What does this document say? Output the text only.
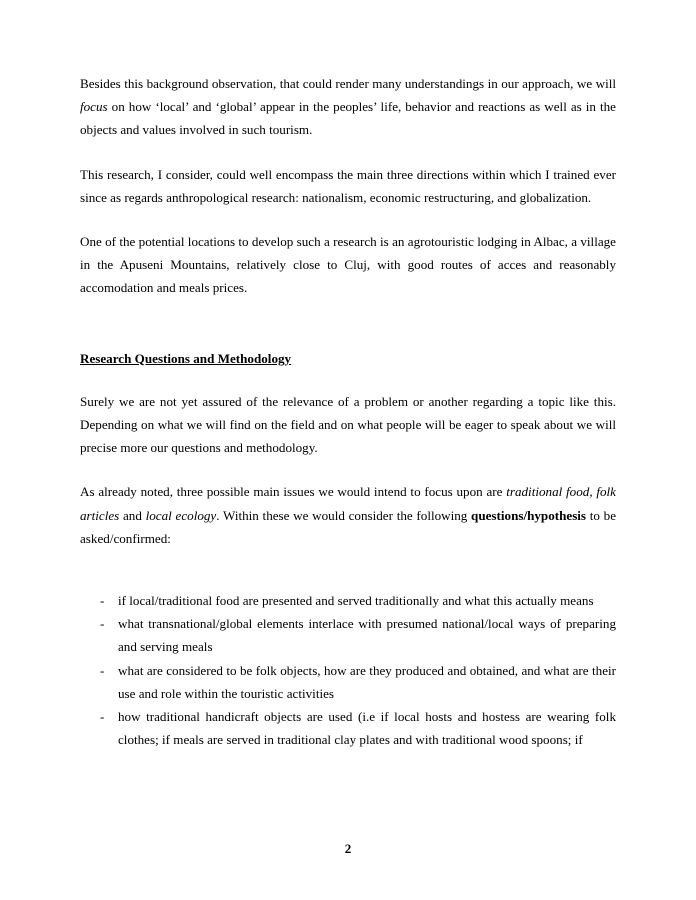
Besides this background observation, that could render many understandings in our approach, we will focus on how ‘local’ and ‘global’ appear in the peoples’ life, behavior and reactions as well as in the objects and values involved in such tourism.

This research, I consider, could well encompass the main three directions within which I trained ever since as regards anthropological research: nationalism, economic restructuring, and globalization.

One of the potential locations to develop such a research is an agrotouristic lodging in Albac, a village in the Apuseni Mountains, relatively close to Cluj, with good routes of acces and reasonably accomodation and meals prices.

Research Questions and Methodology

Surely we are not yet assured of the relevance of a problem or another regarding a topic like this. Depending on what we will find on the field and on what people will be eager to speak about we will precise more our questions and methodology.

As already noted, three possible main issues we would intend to focus upon are traditional food, folk articles and local ecology. Within these we would consider the following questions/hypothesis to be asked/confirmed:

- if local/traditional food are presented and served traditionally and what this actually means
- what transnational/global elements interlace with presumed national/local ways of preparing and serving meals
- what are considered to be folk objects, how are they produced and obtained, and what are their use and role within the touristic activities
- how traditional handicraft objects are used (i.e if local hosts and hostess are wearing folk clothes; if meals are served in traditional clay plates and with traditional wood spoons; if
2
